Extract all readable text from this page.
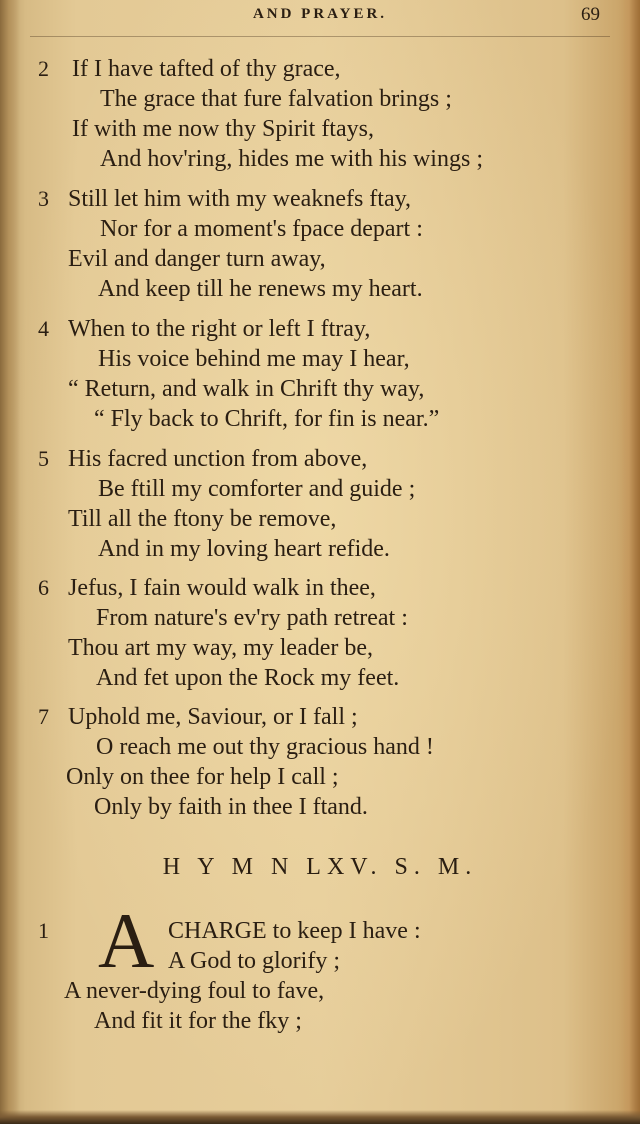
AND PRAYER.	69
2 If I have tafted of thy grace,
The grace that fure falvation brings ;
If with me now thy Spirit ftays,
And hov'ring, hides me with his wings ;
3 Still let him with my weaknefs ftay,
Nor for a moment's fpace depart :
Evil and danger turn away,
And keep till he renews my heart.
4 When to the right or left I ftray,
His voice behind me may I hear,
“ Return, and walk in Chrift thy way,
“ Fly back to Chrift, for fin is near.”
5 His facred unction from above,
Be ftill my comforter and guide ;
Till all the ftony be remove,
And in my loving heart refide.
6 Jefus, I fain would walk in thee,
From nature's ev'ry path retreat :
Thou art my way, my leader be,
And fet upon the Rock my feet.
7 Uphold me, Saviour, or I fall ;
O reach me out thy gracious hand !
Only on thee for help I call ;
Only by faith in thee I ftand.
H Y M N LXV. S. M.
1	CHARGE to keep I have :
A God to glorify ;
A never-dying foul to fave,
And fit it for the fky ;
A
